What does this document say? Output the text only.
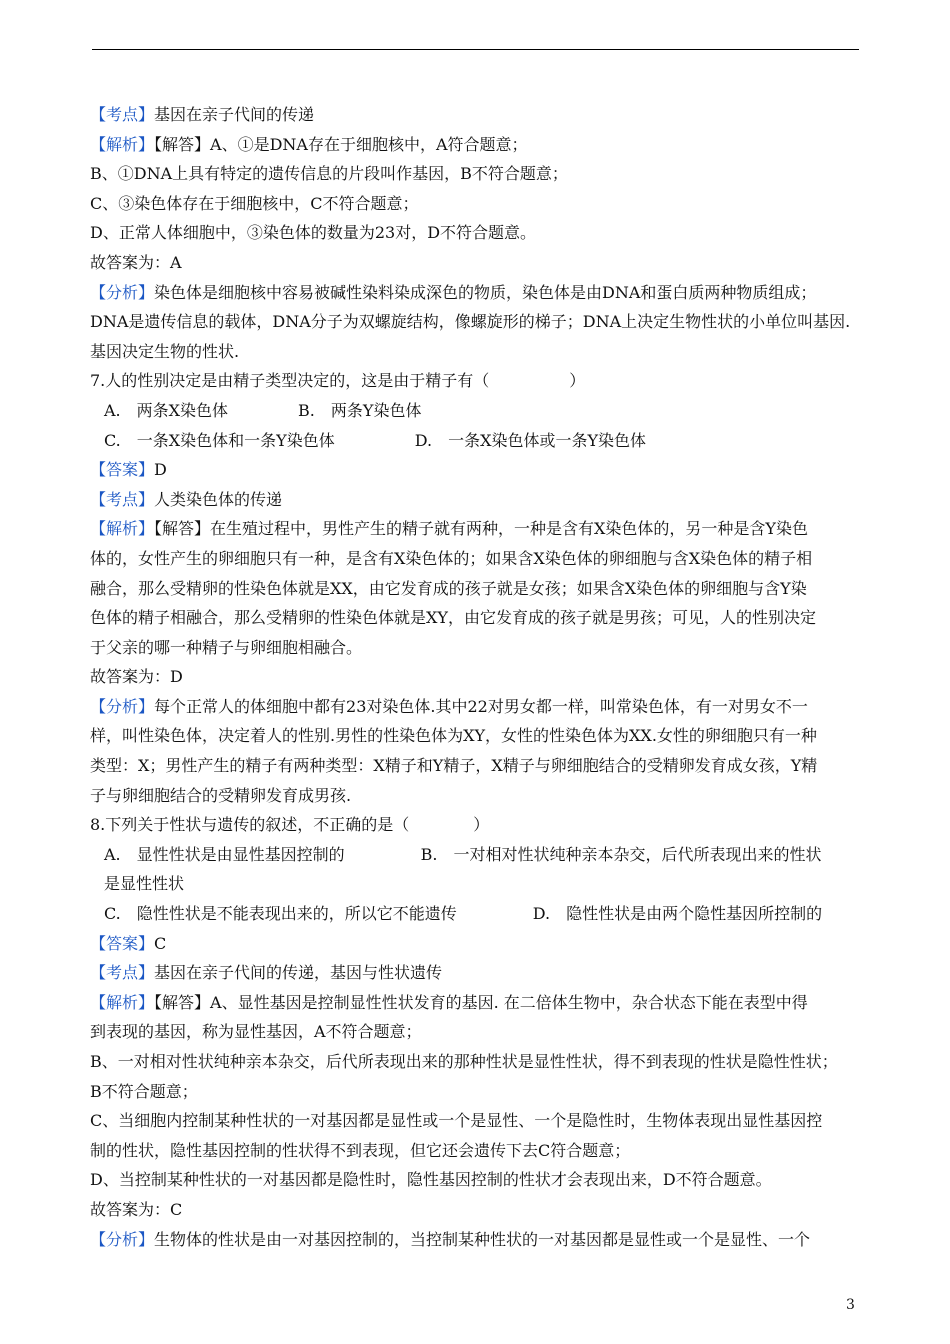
【考点】基因在亲子代间的传递
【解析】【解答】A、①是DNA存在于细胞核中，A符合题意；
B、①DNA上具有特定的遗传信息的片段叫作基因，B不符合题意；
C、③染色体存在于细胞核中，C不符合题意；
D、正常人体细胞中，③染色体的数量为23对，D不符合题意。
故答案为：A
【分析】染色体是细胞核中容易被碱性染料染成深色的物质，染色体是由DNA和蛋白质两种物质组成；
DNA是遗传信息的载体，DNA分子为双螺旋结构，像螺旋形的梯子；DNA上决定生物性状的小单位叫基因.
基因决定生物的性状.
7.人的性别决定是由精子类型决定的，这是由于精子有（　　　　　）
A.　两条X染色体	B.　两条Y染色体
C.　一条X染色体和一条Y染色体	D.　一条X染色体或一条Y染色体
【答案】D
【考点】人类染色体的传递
【解析】【解答】在生殖过程中，男性产生的精子就有两种，一种是含有X染色体的，另一种是含Y染色
体的，女性产生的卵细胞只有一种，是含有X染色体的；如果含X染色体的卵细胞与含X染色体的精子相
融合，那么受精卵的性染色体就是XX，由它发育成的孩子就是女孩；如果含X染色体的卵细胞与含Y染
色体的精子相融合，那么受精卵的性染色体就是XY，由它发育成的孩子就是男孩；可见，人的性别决定
于父亲的哪一种精子与卵细胞相融合。
故答案为：D
【分析】每个正常人的体细胞中都有23对染色体.其中22对男女都一样，叫常染色体，有一对男女不一
样，叫性染色体，决定着人的性别.男性的性染色体为XY，女性的性染色体为XX.女性的卵细胞只有一种
类型：X；男性产生的精子有两种类型：X精子和Y精子，X精子与卵细胞结合的受精卵发育成女孩，Y精
子与卵细胞结合的受精卵发育成男孩.
8.下列关于性状与遗传的叙述，不正确的是（　　　　）
A.　显性性状是由显性基因控制的	B.　一对相对性状纯种亲本杂交，后代所表现出来的性状
是显性性状
C.　隐性性状是不能表现出来的，所以它不能遗传	D.　隐性性状是由两个隐性基因所控制的
【答案】C
【考点】基因在亲子代间的传递，基因与性状遗传
【解析】【解答】A、显性基因是控制显性性状发育的基因. 在二倍体生物中，杂合状态下能在表型中得
到表现的基因，称为显性基因，A不符合题意；
B、一对相对性状纯种亲本杂交，后代所表现出来的那种性状是显性性状，得不到表现的性状是隐性性状；
B不符合题意；
C、当细胞内控制某种性状的一对基因都是显性或一个是显性、一个是隐性时，生物体表现出显性基因控
制的性状，隐性基因控制的性状得不到表现，但它还会遗传下去C符合题意；
D、当控制某种性状的一对基因都是隐性时，隐性基因控制的性状才会表现出来，D不符合题意。
故答案为：C
【分析】生物体的性状是由一对基因控制的，当控制某种性状的一对基因都是显性或一个是显性、一个
3
